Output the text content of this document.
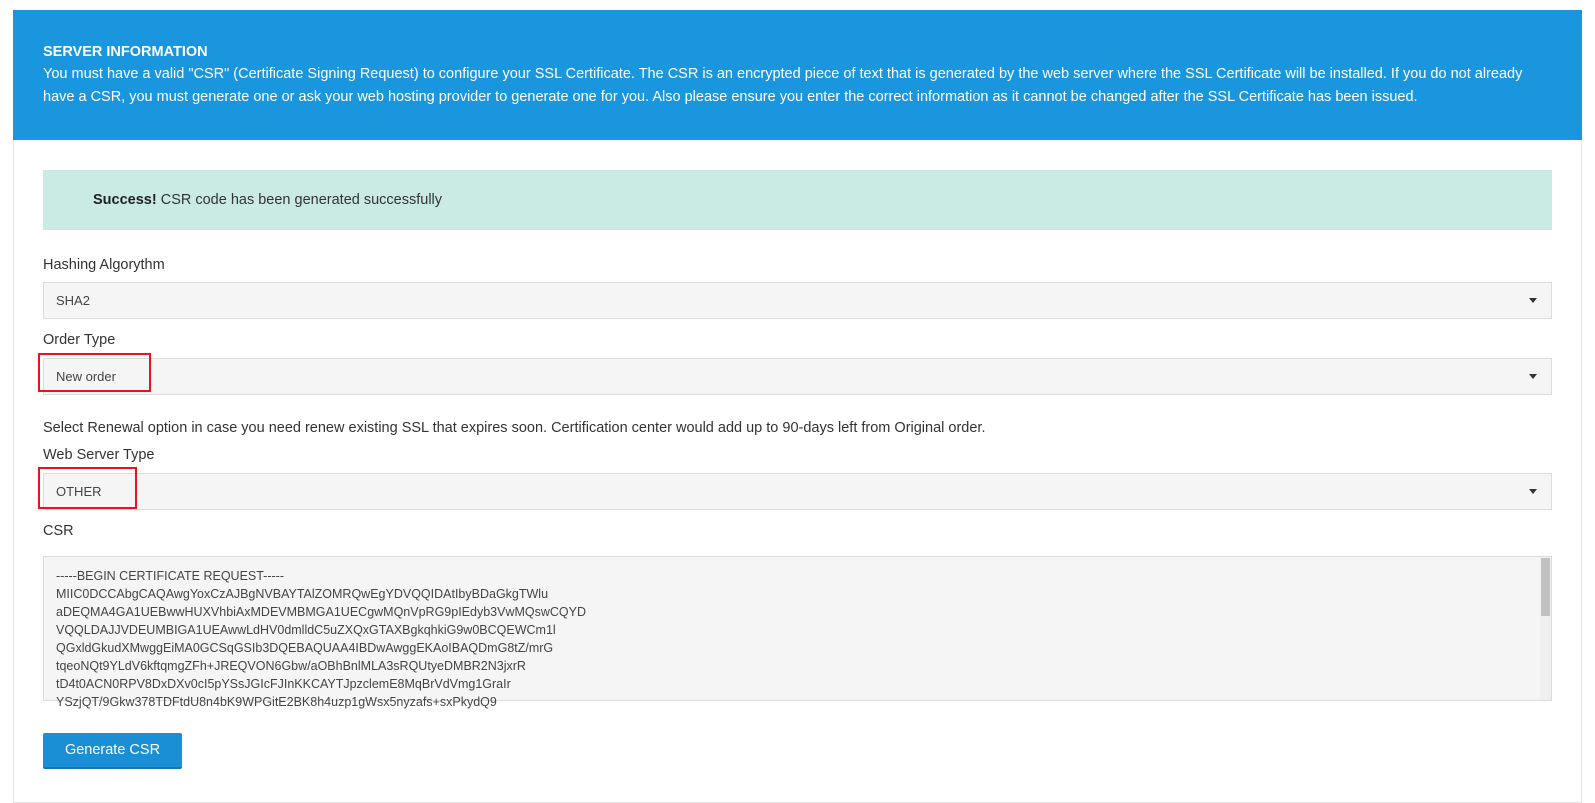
SERVER INFORMATION
You must have a valid "CSR" (Certificate Signing Request) to configure your SSL Certificate. The CSR is an encrypted piece of text that is generated by the web server where the SSL Certificate will be installed. If you do not already have a CSR, you must generate one or ask your web hosting provider to generate one for you. Also please ensure you enter the correct information as it cannot be changed after the SSL Certificate has been issued.
Success! CSR code has been generated successfully
Hashing Algorythm
SHA2
Order Type
New order
Select Renewal option in case you need renew existing SSL that expires soon. Certification center would add up to 90-days left from Original order.
Web Server Type
OTHER
CSR
-----BEGIN CERTIFICATE REQUEST-----
MIIC0DCCAbgCAQAwgYoxCzAJBgNVBAYTAlZOMRQwEgYDVQQIDAtIbyBDaGkgTWlu
aDEQMA4GA1UEBwwHUXVhbiAxMDEVMBMGA1UECgwMQnVpRG9pIEdyb3VwMQswCQYD
VQQLDAJJVDEUMBIGA1UEAwwLdHV0dmlldC5uZXQxGTAXBgkqhkiG9w0BCQEWCm1l
QGxldGkudXMwggEiMA0GCSqGSIb3DQEBAQUAA4IBDwAwggEKAoIBAQDmG8tZ/mrG
tqeoNQt9YLdV6kftqmgZFh+JREQVON6Gbw/aOBhBnlMLA3sRQUtyeDMBR2N3jxrR
tD4t0ACN0RPV8DxDXv0cI5pYSsJGIcFJInKKCAYTJpzclemE8MqBrVdVmg1GraIr
YSzjQT/9Gkw378TDFtdU8n4bK9WPGitE2BK8h4uzp1gWsx5nyzafs+sxPkydQ9
Generate CSR
